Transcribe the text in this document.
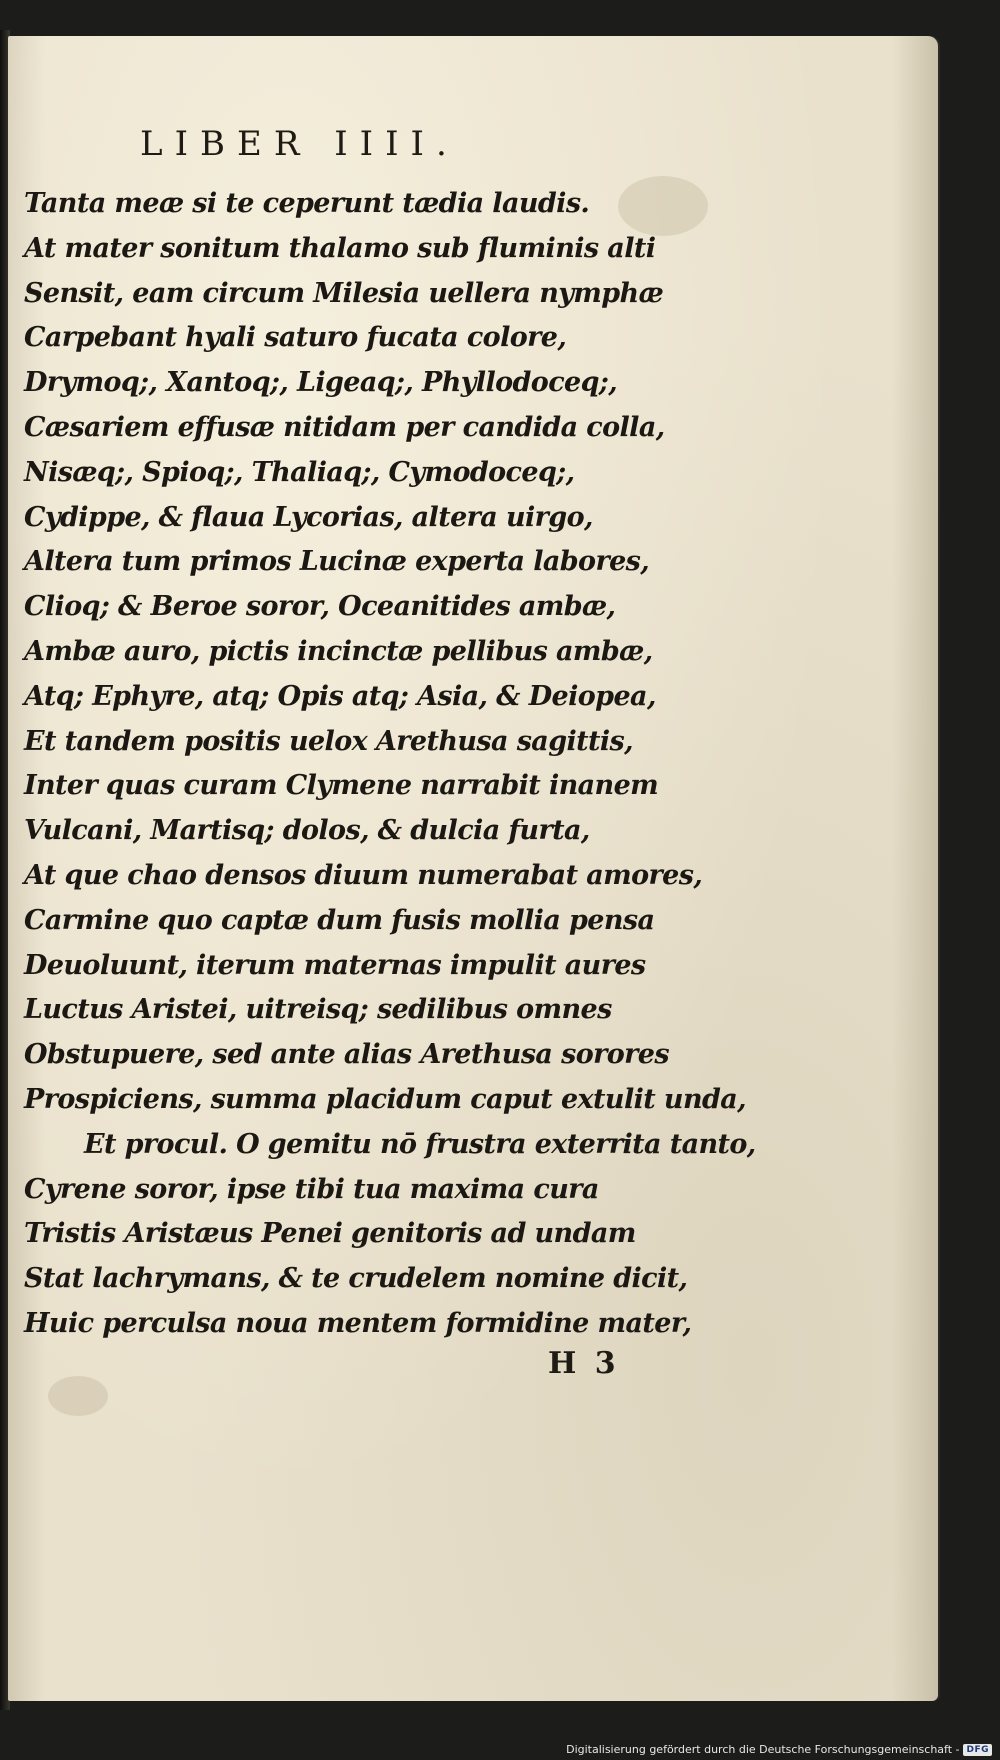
LIBER IIII.
Tanta meæ si te ceperunt tædia laudis.
At mater sonitum thalamo sub fluminis alti
Sensit, eam circum Milesia uellera nymphæ
Carpebant hyali saturo fucata colore,
Drymoq;, Xantoq;, Ligeaq;, Phyllodoceq;,
Cæsariem effusæ nitidam per candida colla,
Nisæq;, Spioq;, Thaliaq;, Cymodoceq;,
Cydippe, & flaua Lycorias, altera uirgo,
Altera tum primos Lucinæ experta labores,
Clioq; & Beroe soror, Oceanitides ambæ,
Ambæ auro, pictis incinctæ pellibus ambæ,
Atq; Ephyre, atq; Opis atq; Asia, & Deiopea,
Et tandem positis uelox Arethusa sagittis,
Inter quas curam Clymene narrabit inanem
Vulcani, Martisq; dolos, & dulcia furta,
At que chao densos diuum numerabat amores,
Carmine quo captæ dum fusis mollia pensa
Deuoluunt, iterum maternas impulit aures
Luctus Aristei, uitreisq; sedilibus omnes
Obstupuere, sed ante alias Arethusa sorores
Prospiciens, summa placidum caput extulit unda,
Et procul. O gemitu nō frustra exterrita tanto,
Cyrene soror, ipse tibi tua maxima cura
Tristis Aristæus Penei genitoris ad undam
Stat lachrymans, & te crudelem nomine dicit,
Huic perculsa noua mentem formidine mater,
H 3
Digitalisierung gefördert durch die Deutsche Forschungsgemeinschaft - DFG
